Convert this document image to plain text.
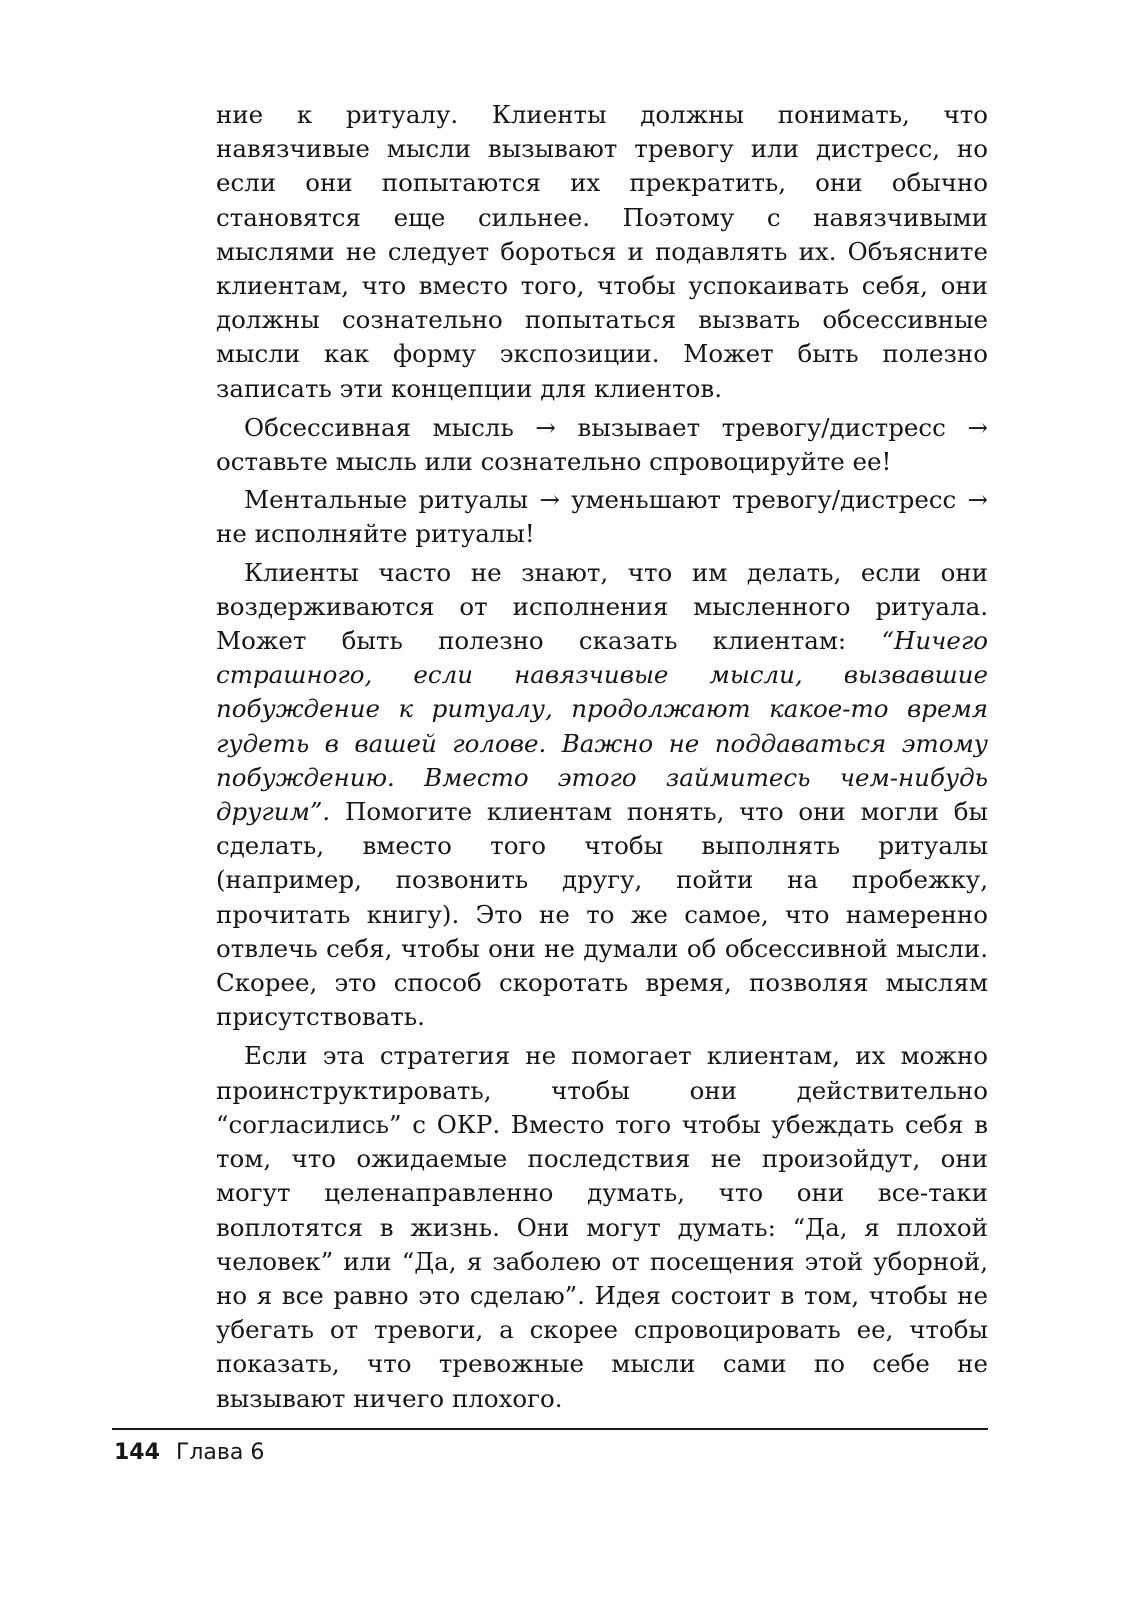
ние к ритуалу. Клиенты должны понимать, что навязчивые мысли вызывают тревогу или дистресс, но если они попытаются их прекратить, они обычно становятся еще сильнее. Поэтому с навязчивыми мыслями не следует бороться и подавлять их. Объясните клиентам, что вместо того, чтобы успокаивать себя, они должны сознательно попытаться вызвать обсессивные мысли как форму экспозиции. Может быть полезно записать эти концепции для клиентов.

Обсессивная мысль → вызывает тревогу/дистресс → оставьте мысль или сознательно спровоцируйте ее!

Ментальные ритуалы → уменьшают тревогу/дистресс → не исполняйте ритуалы!

Клиенты часто не знают, что им делать, если они воздерживаются от исполнения мысленного ритуала. Может быть полезно сказать клиентам: “Ничего страшного, если навязчивые мысли, вызвавшие побуждение к ритуалу, продолжают какое-то время гудеть в вашей голове. Важно не поддаваться этому побуждению. Вместо этого займитесь чем-нибудь другим”. Помогите клиентам понять, что они могли бы сделать, вместо того чтобы выполнять ритуалы (например, позвонить другу, пойти на пробежку, прочитать книгу). Это не то же самое, что намеренно отвлечь себя, чтобы они не думали об обсессивной мысли. Скорее, это способ скоротать время, позволяя мыслям присутствовать.

Если эта стратегия не помогает клиентам, их можно проинструктировать, чтобы они действительно “согласились” с ОКР. Вместо того чтобы убеждать себя в том, что ожидаемые последствия не произойдут, они могут целенаправленно думать, что они все-таки воплотятся в жизнь. Они могут думать: “Да, я плохой человек” или “Да, я заболею от посещения этой уборной, но я все равно это сделаю”. Идея состоит в том, чтобы не убегать от тревоги, а скорее спровоцировать ее, чтобы показать, что тревожные мысли сами по себе не вызывают ничего плохого.

144 Глава 6
